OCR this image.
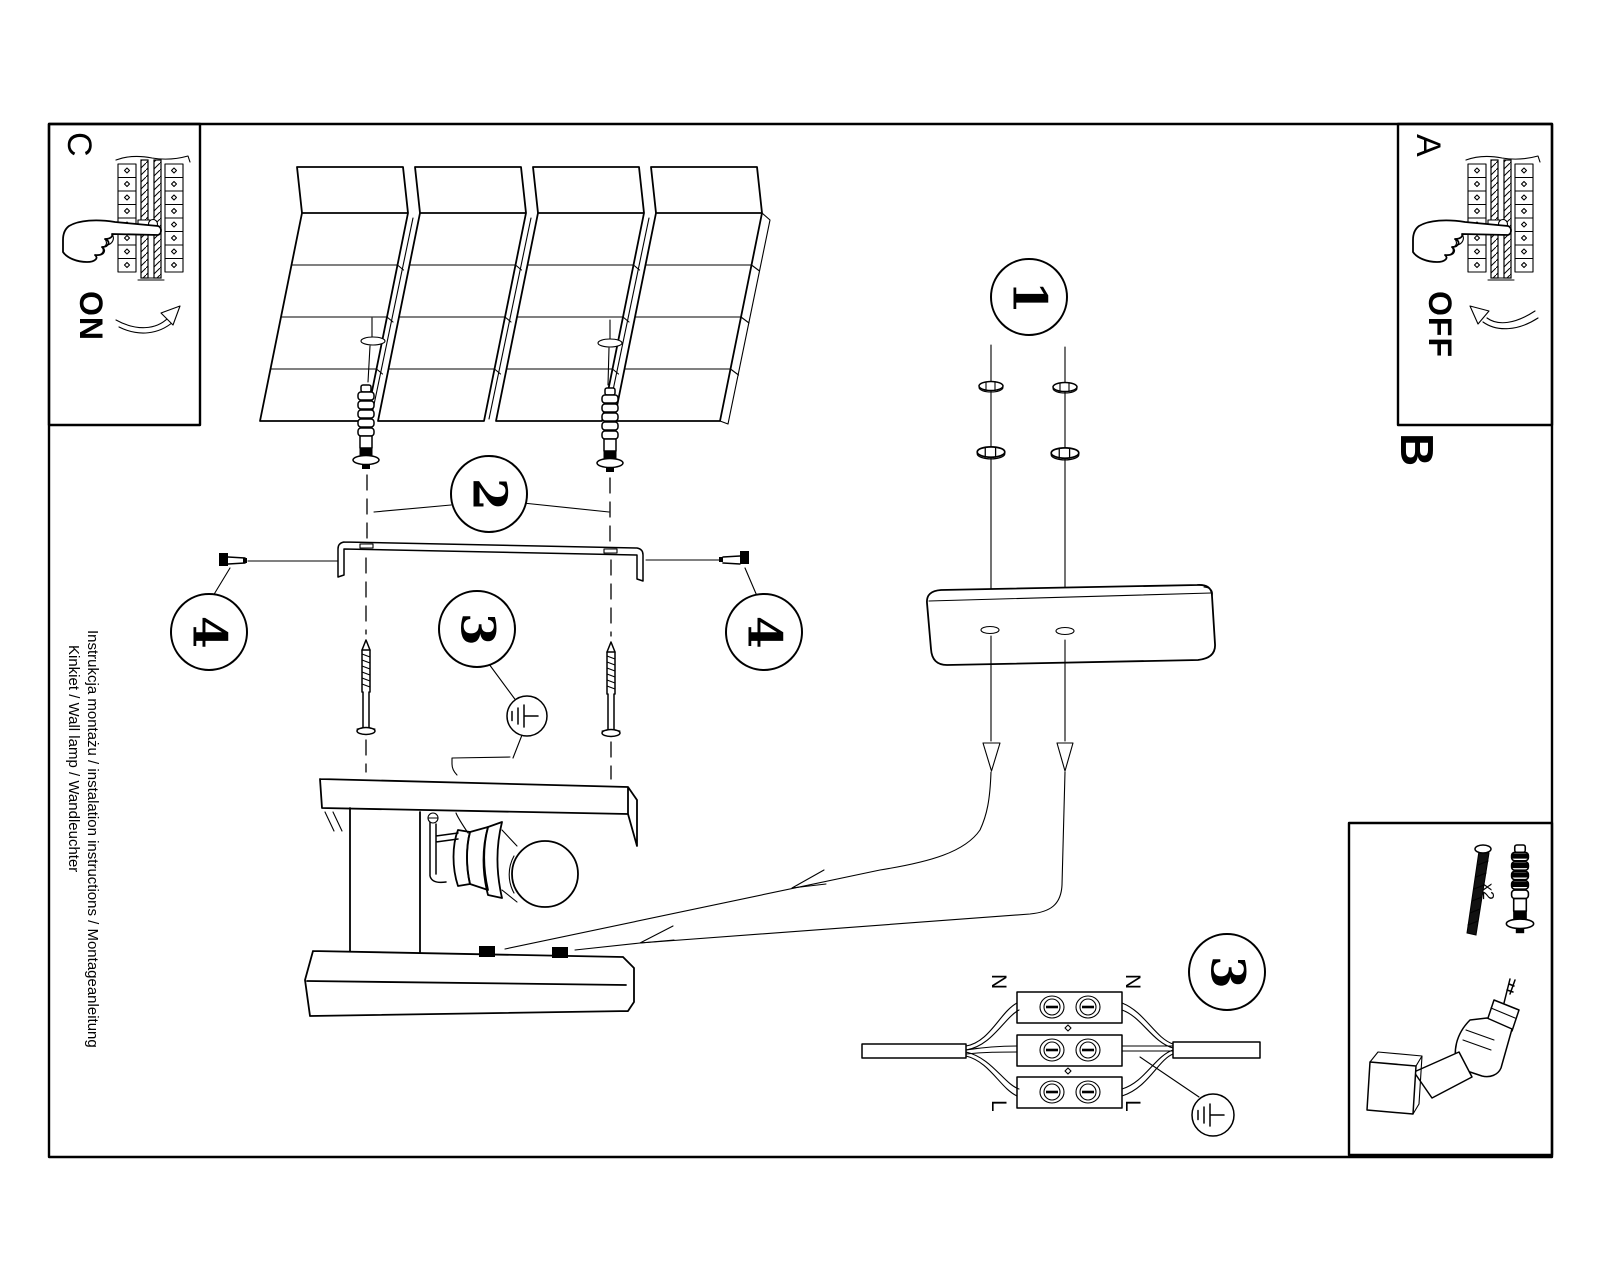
C
ON
A
OFF
B
x2
N	N
L	L
Instrukcja montażu / instalation instructions / Montageanleitung
Kinkiet / Wall lamp / Wandleuchter
1
2
3
4	4
3
